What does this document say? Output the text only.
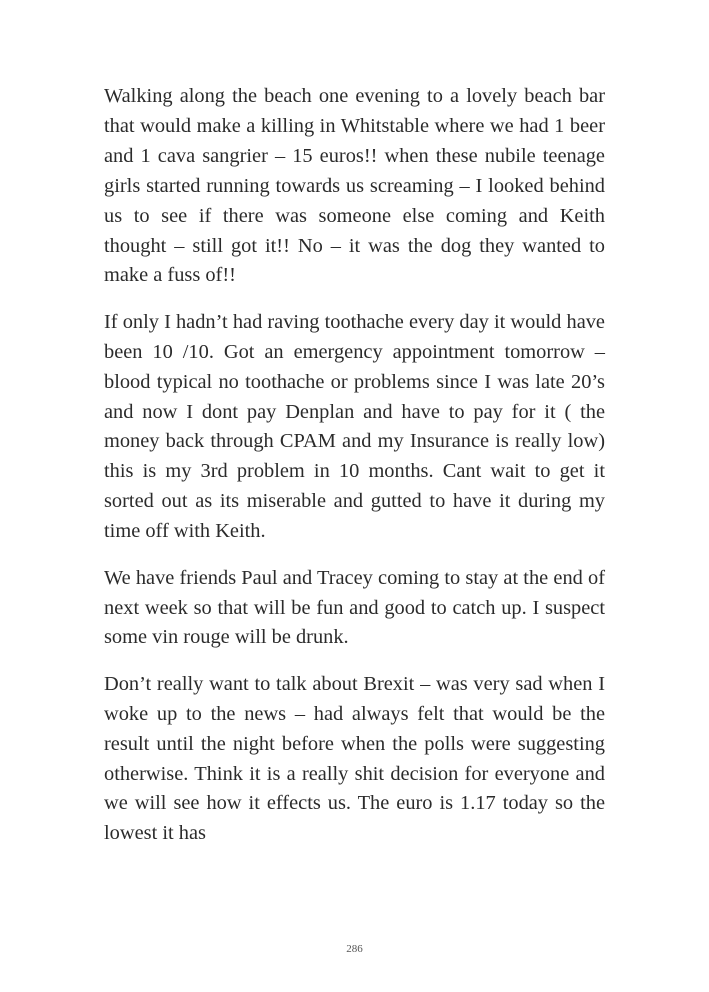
Walking along the beach one evening to a lovely beach bar that would make a killing in Whitstable where we had 1 beer and 1 cava sangrier – 15 euros!! when these nubile teenage girls started running towards us screaming – I looked behind us to see if there was someone else coming and Keith thought – still got it!! No – it was the dog they wanted to make a fuss of!!

If only I hadn’t had raving toothache every day it would have been 10 /10. Got an emergency appointment tomorrow – blood typical no toothache or problems since I was late 20’s and now I dont pay Denplan and have to pay for it ( the money back through CPAM and my Insurance is really low) this is my 3rd problem in 10 months. Cant wait to get it sorted out as its miserable and gutted to have it during my time off with Keith.

We have friends Paul and Tracey coming to stay at the end of next week so that will be fun and good to catch up. I suspect some vin rouge will be drunk.

Don’t really want to talk about Brexit – was very sad when I woke up to the news – had always felt that would be the result until the night before when the polls were suggesting otherwise. Think it is a really shit decision for everyone and we will see how it effects us. The euro is 1.17 today so the lowest it has

286
